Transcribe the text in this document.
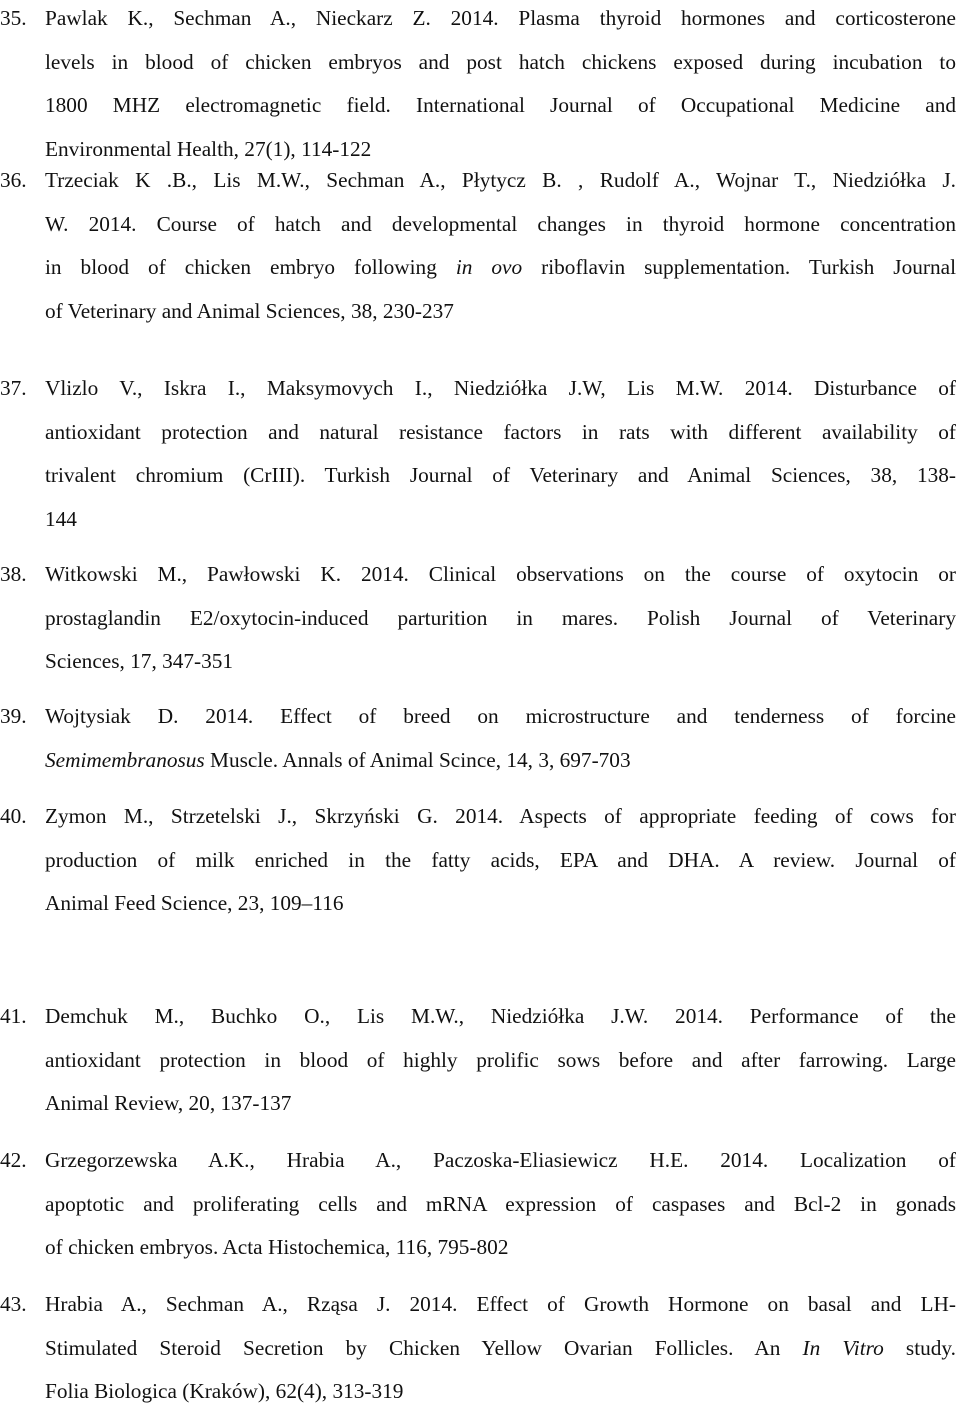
35. Pawlak K., Sechman A., Nieckarz Z. 2014. Plasma thyroid hormones and corticosterone
levels in blood of chicken embryos and post hatch chickens exposed during incubation to
1800 MHZ electromagnetic field. International Journal of Occupational Medicine and
Environmental Health, 27(1), 114-122
36. Trzeciak K .B., Lis M.W., Sechman A., Płytycz B. , Rudolf A., Wojnar T., Niedziółka J.
W. 2014. Course of hatch and developmental changes in thyroid hormone concentration
in blood of chicken embryo following in ovo riboflavin supplementation. Turkish Journal
of Veterinary and Animal Sciences, 38, 230-237
37. Vlizlo V., Iskra I., Maksymovych I., Niedziółka J.W, Lis M.W. 2014. Disturbance of
antioxidant protection and natural resistance factors in rats with different availability of
trivalent chromium (CrIII). Turkish Journal of Veterinary and Animal Sciences, 38, 138-
144
38. Witkowski M., Pawłowski K. 2014. Clinical observations on the course of oxytocin or
prostaglandin E2/oxytocin-induced parturition in mares. Polish Journal of Veterinary
Sciences, 17, 347-351
39. Wojtysiak D. 2014. Effect of breed on microstructure and tenderness of forcine
Semimembranosus Muscle. Annals of Animal Scince, 14, 3, 697-703
40. Zymon M., Strzetelski J., Skrzyński G. 2014. Aspects of appropriate feeding of cows for
production of milk enriched in the fatty acids, EPA and DHA. A review. Journal of
Animal Feed Science, 23, 109–116
41. Demchuk M., Buchko O., Lis M.W., Niedziółka J.W. 2014. Performance of the
antioxidant protection in blood of highly prolific sows before and after farrowing. Large
Animal Review, 20, 137-137
42. Grzegorzewska A.K., Hrabia A., Paczoska-Eliasiewicz H.E. 2014. Localization of
apoptotic and proliferating cells and mRNA expression of caspases and Bcl-2 in gonads
of chicken embryos. Acta Histochemica, 116, 795-802
43. Hrabia A., Sechman A., Rząsa J. 2014. Effect of Growth Hormone on basal and LH-
Stimulated Steroid Secretion by Chicken Yellow Ovarian Follicles. An In Vitro study.
Folia Biologica (Kraków), 62(4), 313-319
